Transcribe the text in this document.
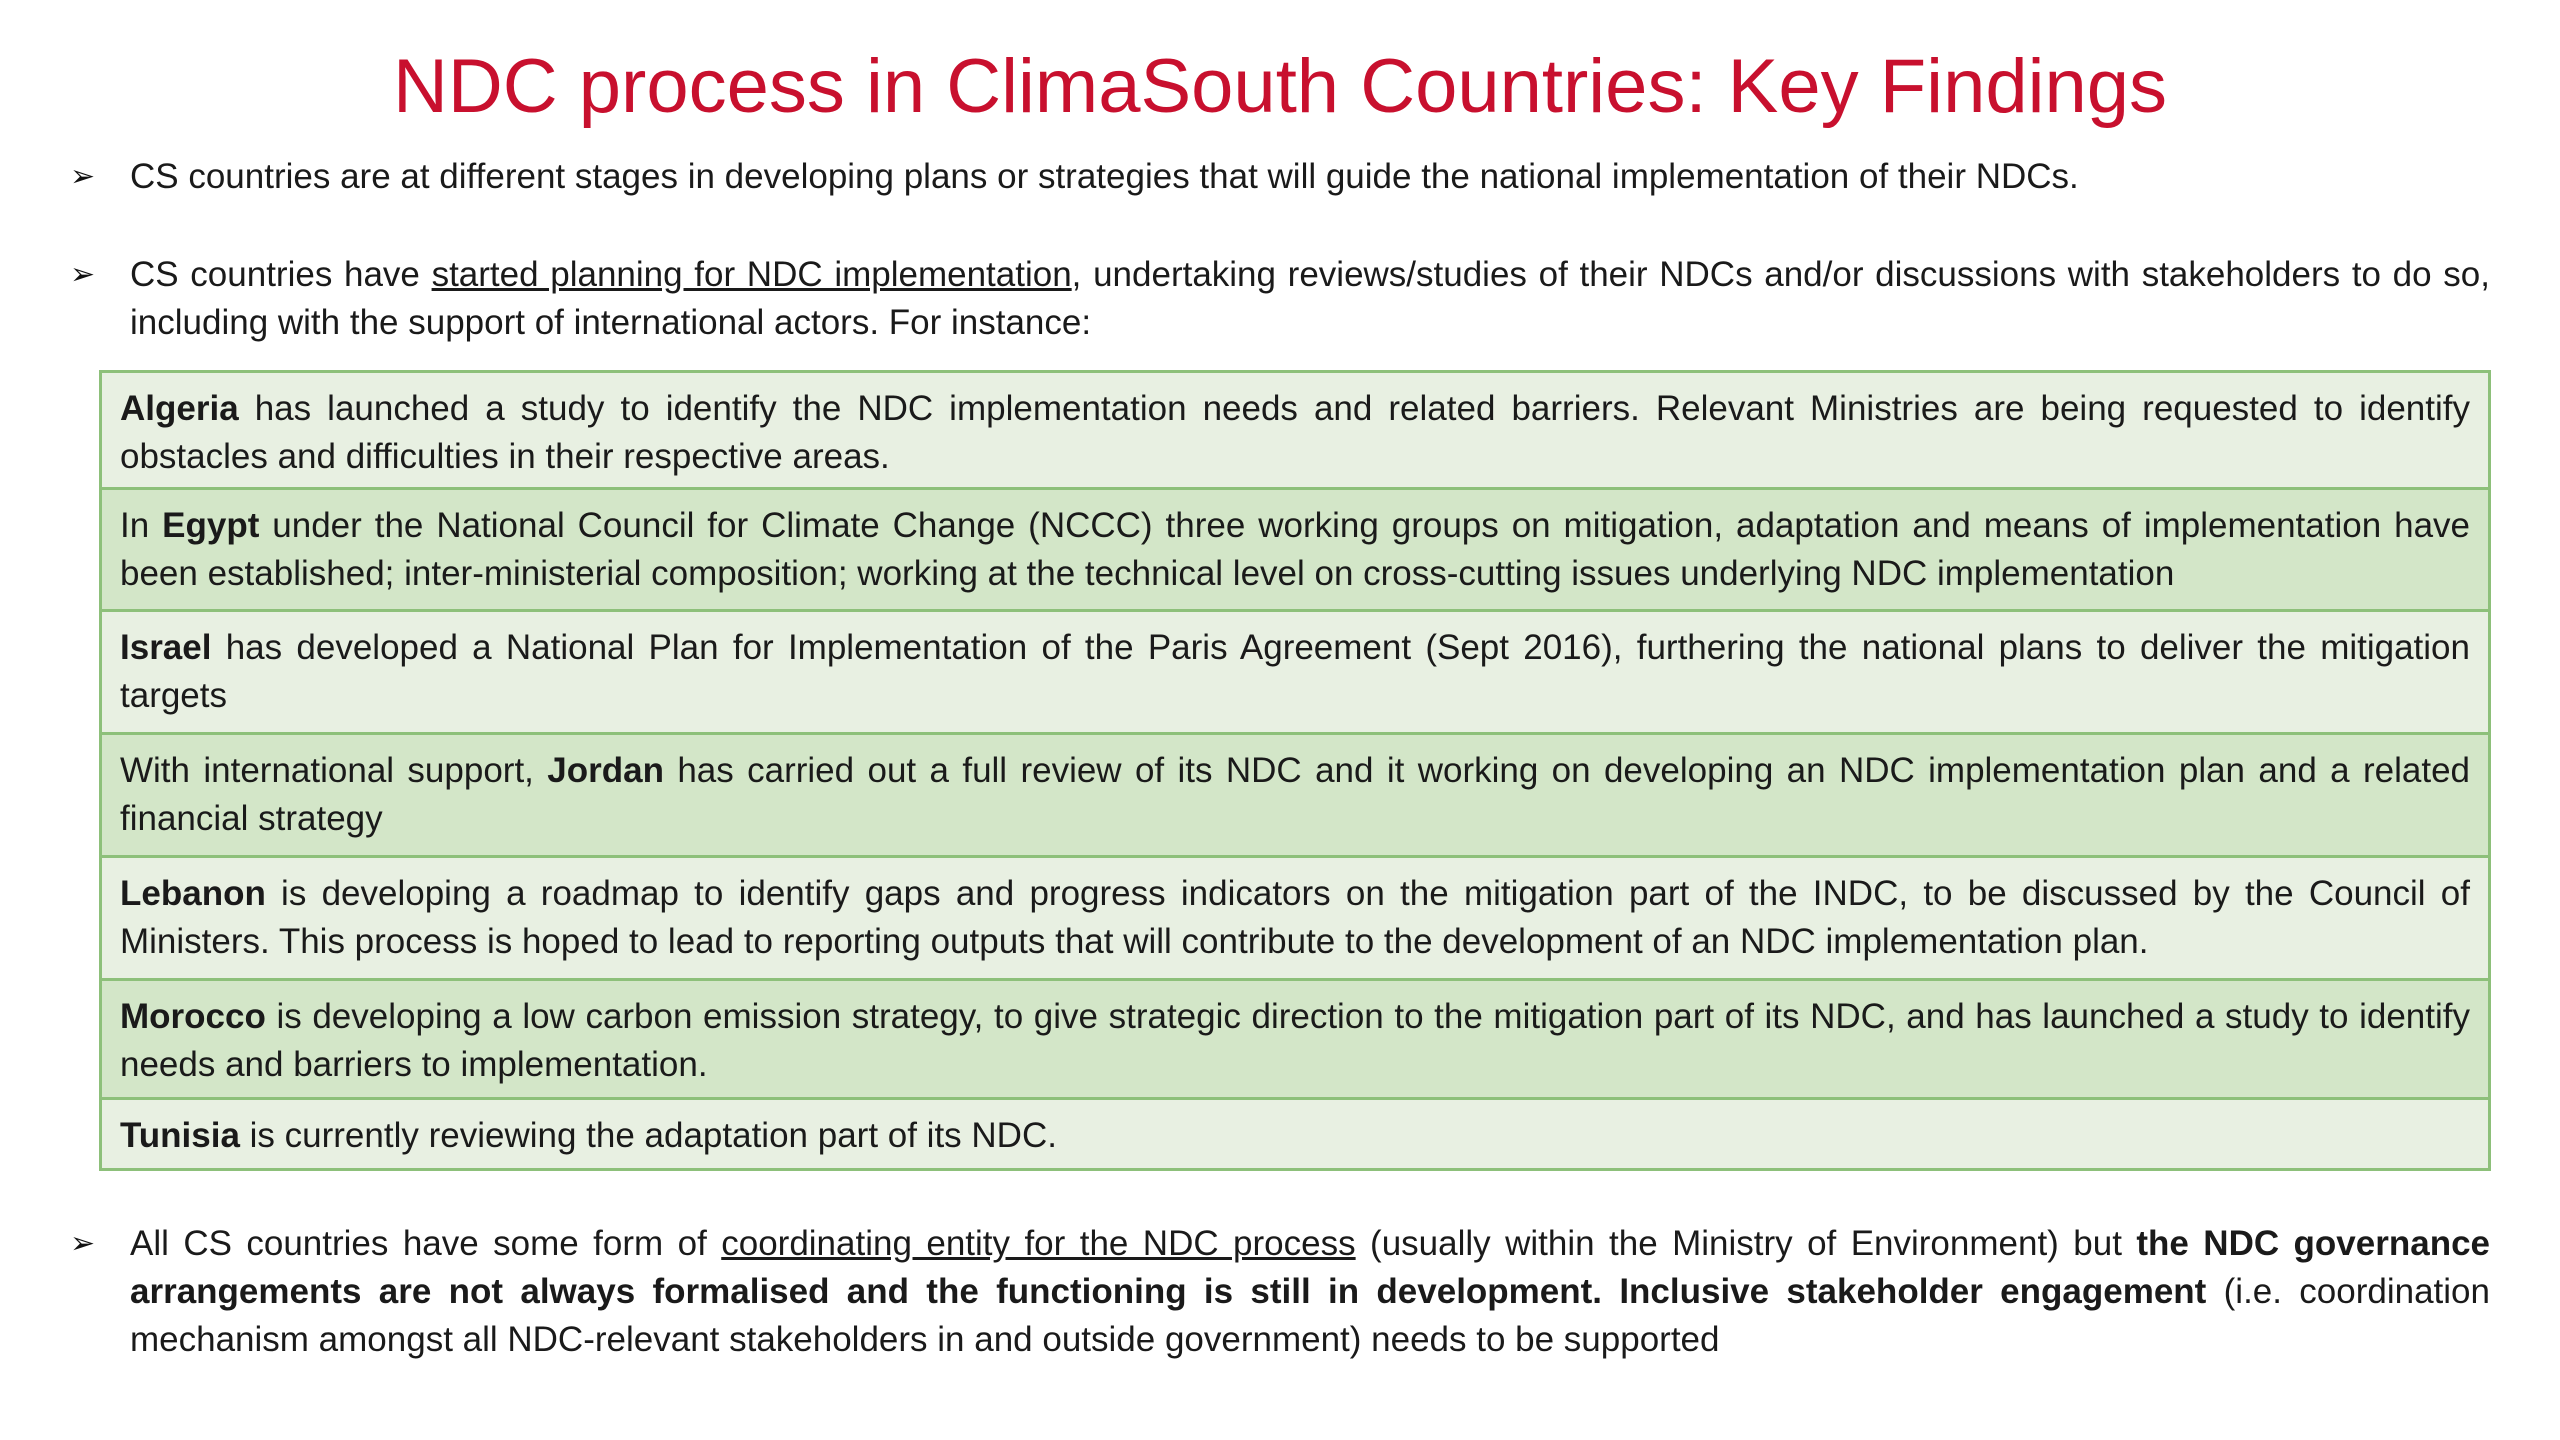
NDC process in ClimaSouth Countries: Key Findings
➢ CS countries are at different stages in developing plans or strategies that will guide the national implementation of their NDCs.
➢ CS countries have started planning for NDC implementation, undertaking reviews/studies of their NDCs and/or discussions with stakeholders to do so, including with the support of international actors. For instance:
Algeria has launched a study to identify the NDC implementation needs and related barriers. Relevant Ministries are being requested to identify obstacles and difficulties in their respective areas.
In Egypt under the National Council for Climate Change (NCCC) three working groups on mitigation, adaptation and means of implementation have been established; inter-ministerial composition; working at the technical level on cross-cutting issues underlying NDC implementation
Israel has developed a National Plan for Implementation of the Paris Agreement (Sept 2016), furthering the national plans to deliver the mitigation targets
With international support, Jordan has carried out a full review of its NDC and it working on developing an NDC implementation plan and a related financial strategy
Lebanon is developing a roadmap to identify gaps and progress indicators on the mitigation part of the INDC, to be discussed by the Council of Ministers. This process is hoped to lead to reporting outputs that will contribute to the development of an NDC implementation plan.
Morocco is developing a low carbon emission strategy, to give strategic direction to the mitigation part of its NDC, and has launched a study to identify needs and barriers to implementation.
Tunisia is currently reviewing the adaptation part of its NDC.
➢ All CS countries have some form of coordinating entity for the NDC process (usually within the Ministry of Environment) but the NDC governance arrangements are not always formalised and the functioning is still in development. Inclusive stakeholder engagement (i.e. coordination mechanism amongst all NDC-relevant stakeholders in and outside government) needs to be supported
